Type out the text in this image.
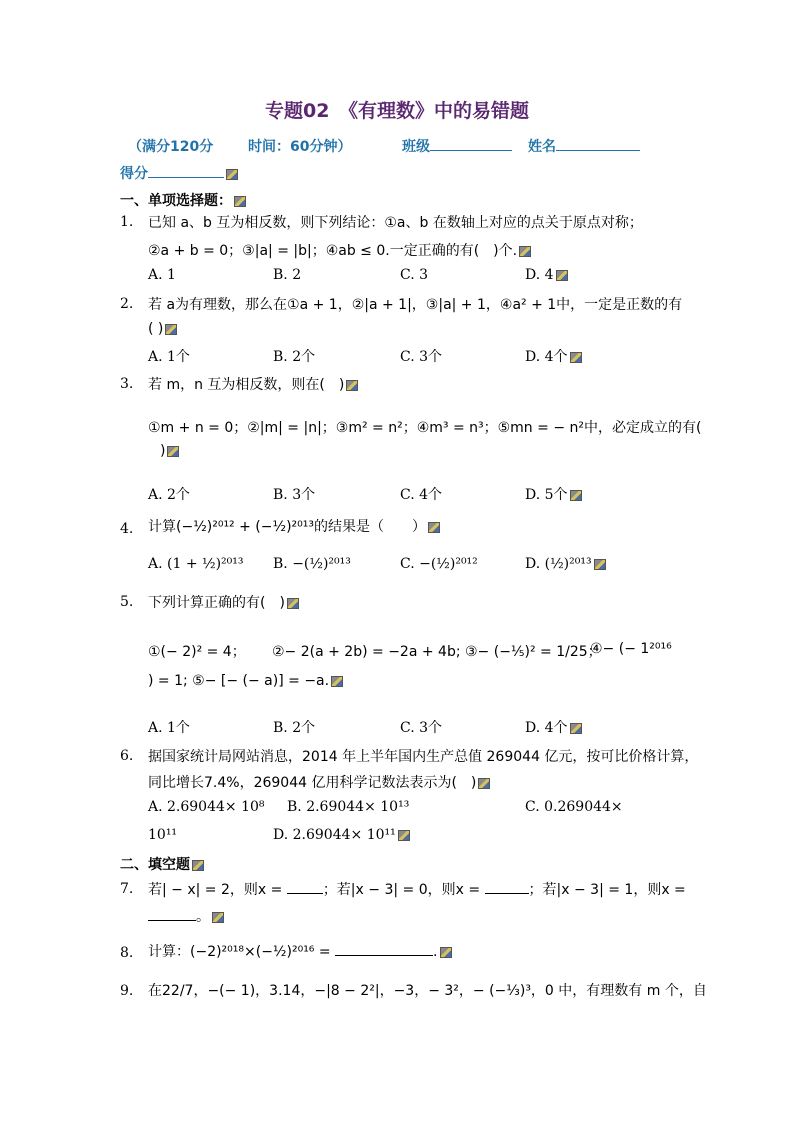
专题02　《有理数》中的易错题
（满分120分 时间：60分钟）	班级	姓名
得分
一、单项选择题：
1. 已知 a、b 互为相反数，则下列结论：①a、b 在数轴上对应的点关于原点对称；
②a + b = 0；③|a| = |b|；④ab ≤ 0.一定正确的有(　)个.
A. 1	B. 2	C. 3	D. 4
2. 若 a为有理数，那么在①a + 1，②|a + 1|，③|a| + 1，④a² + 1中，一定是正数的有
( )
A. 1个	B. 2个	C. 3个	D. 4个
3. 若 m，n 互为相反数，则在(　)
①m + n = 0；②|m| = |n|；③m² = n²；④m³ = n³；⑤mn = − n²中，必定成立的有(
)
A. 2个	B. 3个	C. 4个	D. 5个
4. 计算(−½)²⁰¹² + (−½)²⁰¹³的结果是（　　）
A. (1 + ½)²⁰¹³ B. −(½)²⁰¹³	C. −(½)²⁰¹²	D. (½)²⁰¹³
5. 下列计算正确的有(　)
①(− 2)² = 4； ②− 2(a + 2b) = −2a + 4b; ③− (−⅕)² = 1/25；
④− (− 1²⁰¹⁶
) = 1; ⑤− [− (− a)] = −a.
A. 1个	B. 2个	C. 3个	D. 4个
6. 据国家统计局网站消息，2014 年上半年国内生产总值 269044 亿元，按可比价格计算，
同比增长7.4%，269044 亿用科学记数法表示为(　)
A. 2.69044× 10⁸ B. 2.69044× 10¹³	C. 0.269044×
10¹¹	D. 2.69044× 10¹¹
二、填空题
7. 若| − x| = 2，则x =	；若|x − 3| = 0，则x =	；若|x − 3| = 1，则x =
。
8. 计算：(−2)²⁰¹⁸×(−½)²⁰¹⁶ =	.
9. 在22/7，−(− 1)，3.14，−|8 − 2²|，−3，− 3²，− (−⅓)³，0 中，有理数有 m 个，自
